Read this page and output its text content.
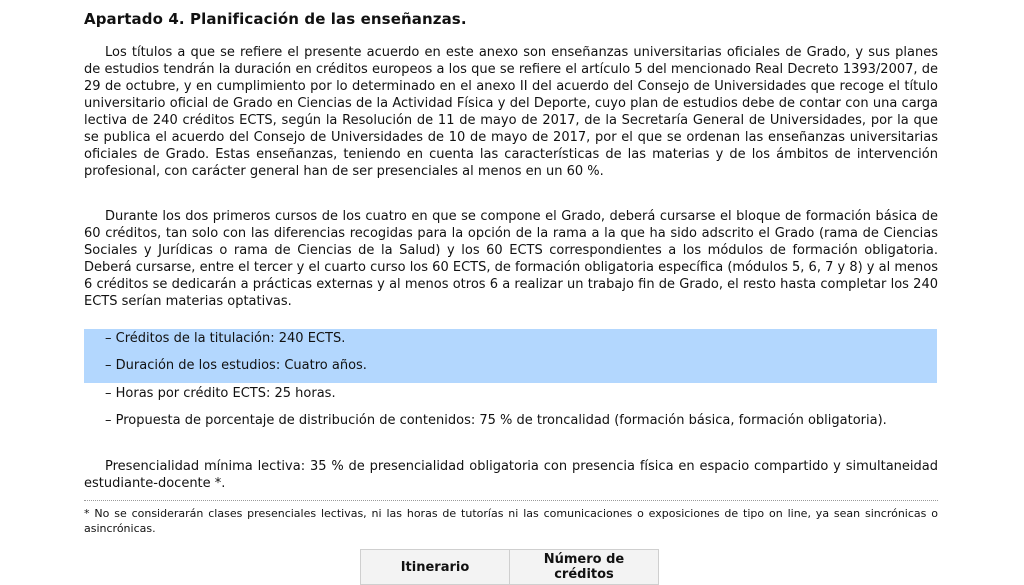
Apartado 4. Planificación de las enseñanzas.

Los títulos a que se refiere el presente acuerdo en este anexo son enseñanzas universitarias oficiales de Grado, y sus planes de estudios tendrán la duración en créditos europeos a los que se refiere el artículo 5 del mencionado Real Decreto 1393/2007, de 29 de octubre, y en cumplimiento por lo determinado en el anexo II del acuerdo del Consejo de Universidades que recoge el título universitario oficial de Grado en Ciencias de la Actividad Física y del Deporte, cuyo plan de estudios debe de contar con una carga lectiva de 240 créditos ECTS, según la Resolución de 11 de mayo de 2017, de la Secretaría General de Universidades, por la que se publica el acuerdo del Consejo de Universidades de 10 de mayo de 2017, por el que se ordenan las enseñanzas universitarias oficiales de Grado. Estas enseñanzas, teniendo en cuenta las características de las materias y de los ámbitos de intervención profesional, con carácter general han de ser presenciales al menos en un 60 %.

Durante los dos primeros cursos de los cuatro en que se compone el Grado, deberá cursarse el bloque de formación básica de 60 créditos, tan solo con las diferencias recogidas para la opción de la rama a la que ha sido adscrito el Grado (rama de Ciencias Sociales y Jurídicas o rama de Ciencias de la Salud) y los 60 ECTS correspondientes a los módulos de formación obligatoria. Deberá cursarse, entre el tercer y el cuarto curso los 60 ECTS, de formación obligatoria específica (módulos 5, 6, 7 y 8) y al menos 6 créditos se dedicarán a prácticas externas y al menos otros 6 a realizar un trabajo fin de Grado, el resto hasta completar los 240 ECTS serían materias optativas.

– Créditos de la titulación: 240 ECTS.

– Duración de los estudios: Cuatro años.

– Horas por crédito ECTS: 25 horas.

– Propuesta de porcentaje de distribución de contenidos: 75 % de troncalidad (formación básica, formación obligatoria).

Presencialidad mínima lectiva: 35 % de presencialidad obligatoria con presencia física en espacio compartido y simultaneidad estudiante-docente *.

* No se considerarán clases presenciales lectivas, ni las horas de tutorías ni las comunicaciones o exposiciones de tipo on line, ya sean sincrónicas o asincrónicas.

Itinerario	Número de créditos
